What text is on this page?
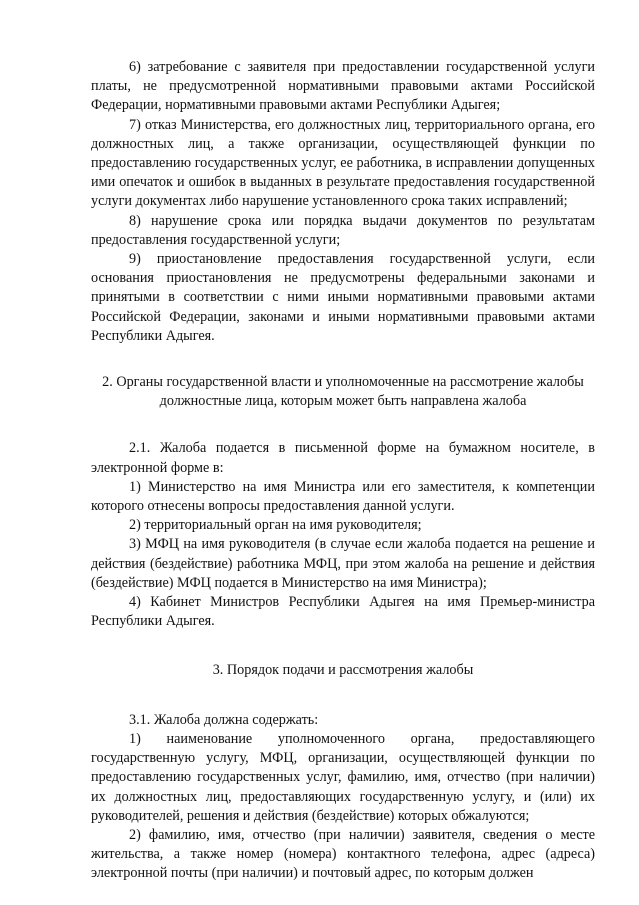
6) затребование с заявителя при предоставлении государственной услуги платы, не предусмотренной нормативными правовыми актами Российской Федерации, нормативными правовыми актами Республики Адыгея;

7) отказ Министерства, его должностных лиц, территориального органа, его должностных лиц, а также организации, осуществляющей функции по предоставлению государственных услуг, ее работника, в исправлении допущенных ими опечаток и ошибок в выданных в результате предоставления государственной услуги документах либо нарушение установленного срока таких исправлений;

8) нарушение срока или порядка выдачи документов по результатам предоставления государственной услуги;

9) приостановление предоставления государственной услуги, если основания приостановления не предусмотрены федеральными законами и принятыми в соответствии с ними иными нормативными правовыми актами Российской Федерации, законами и иными нормативными правовыми актами Республики Адыгея.

2. Органы государственной власти и уполномоченные на рассмотрение жалобы должностные лица, которым может быть направлена жалоба

2.1. Жалоба подается в письменной форме на бумажном носителе, в электронной форме в:

1) Министерство на имя Министра или его заместителя, к компетенции которого отнесены вопросы предоставления данной услуги.

2) территориальный орган на имя руководителя;

3) МФЦ на имя руководителя (в случае если жалоба подается на решение и действия (бездействие) работника МФЦ, при этом жалоба на решение и действия (бездействие) МФЦ подается в Министерство на имя Министра);

4) Кабинет Министров Республики Адыгея на имя Премьер-министра Республики Адыгея.

3. Порядок подачи и рассмотрения жалобы

3.1. Жалоба должна содержать:

1) наименование уполномоченного органа, предоставляющего государственную услугу, МФЦ, организации, осуществляющей функции по предоставлению государственных услуг, фамилию, имя, отчество (при наличии) их должностных лиц, предоставляющих государственную услугу, и (или) их руководителей, решения и действия (бездействие) которых обжалуются;

2) фамилию, имя, отчество (при наличии) заявителя, сведения о месте жительства, а также номер (номера) контактного телефона, адрес (адреса) электронной почты (при наличии) и почтовый адрес, по которым должен
